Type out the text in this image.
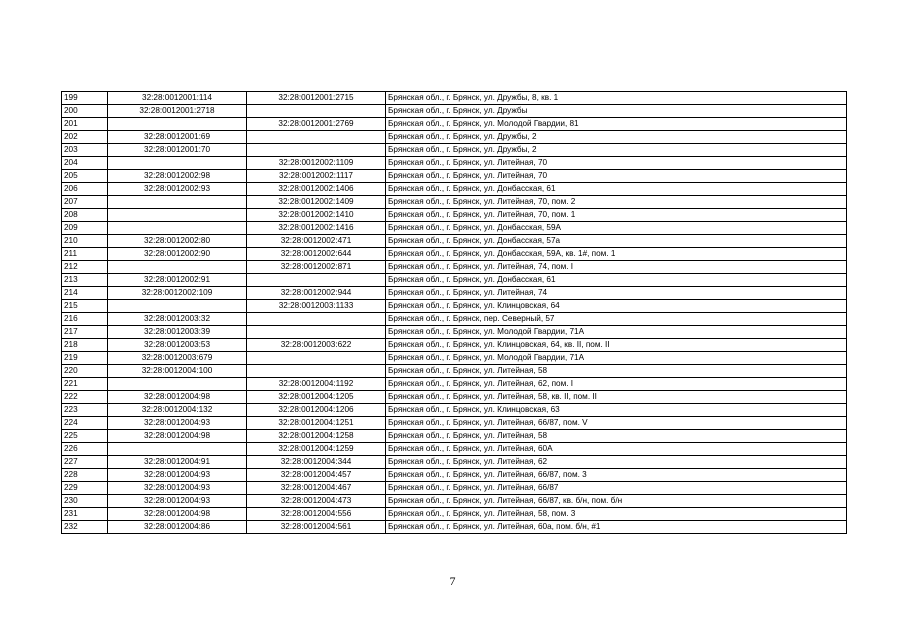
199	32:28:0012001:114	32:28:0012001:2715	Брянская обл., г. Брянск, ул. Дружбы, 8, кв. 1
200	32:28:0012001:2718		Брянская обл., г. Брянск, ул. Дружбы
201		32:28:0012001:2769	Брянская обл., г. Брянск, ул. Молодой Гвардии, 81
202	32:28:0012001:69		Брянская обл., г. Брянск, ул. Дружбы, 2
203	32:28:0012001:70		Брянская обл., г. Брянск, ул. Дружбы, 2
204		32:28:0012002:1109	Брянская обл., г. Брянск, ул. Литейная, 70
205	32:28:0012002:98	32:28:0012002:1117	Брянская обл., г. Брянск, ул. Литейная, 70
206	32:28:0012002:93	32:28:0012002:1406	Брянская обл., г. Брянск, ул. Донбасская, 61
207		32:28:0012002:1409	Брянская обл., г. Брянск, ул. Литейная, 70, пом. 2
208		32:28:0012002:1410	Брянская обл., г. Брянск, ул. Литейная, 70, пом. 1
209		32:28:0012002:1416	Брянская обл., г. Брянск, ул. Донбасская, 59А
210	32:28:0012002:80	32:28:0012002:471	Брянская обл., г. Брянск, ул. Донбасская, 57а
211	32:28:0012002:90	32:28:0012002:644	Брянская обл., г. Брянск, ул. Донбасская, 59А, кв. 1#, пом. 1
212		32:28:0012002:871	Брянская обл., г. Брянск, ул. Литейная, 74, пом. I
213	32:28:0012002:91		Брянская обл., г. Брянск, ул. Донбасская, 61
214	32:28:0012002:109	32:28:0012002:944	Брянская обл., г. Брянск, ул. Литейная, 74
215		32:28:0012003:1133	Брянская обл., г. Брянск, ул. Клинцовская, 64
216	32:28:0012003:32		Брянская обл., г. Брянск, пер. Северный, 57
217	32:28:0012003:39		Брянская обл., г. Брянск, ул. Молодой Гвардии, 71А
218	32:28:0012003:53	32:28:0012003:622	Брянская обл., г. Брянск, ул. Клинцовская, 64, кв. II, пом. II
219	32:28:0012003:679		Брянская обл., г. Брянск, ул. Молодой Гвардии, 71А
220	32:28:0012004:100		Брянская обл., г. Брянск, ул. Литейная, 58
221		32:28:0012004:1192	Брянская обл., г. Брянск, ул. Литейная, 62, пом. I
222	32:28:0012004:98	32:28:0012004:1205	Брянская обл., г. Брянск, ул. Литейная, 58, кв. II, пом. II
223	32:28:0012004:132	32:28:0012004:1206	Брянская обл., г. Брянск, ул. Клинцовская, 63
224	32:28:0012004:93	32:28:0012004:1251	Брянская обл., г. Брянск, ул. Литейная, 66/87, пом. V
225	32:28:0012004:98	32:28:0012004:1258	Брянская обл., г. Брянск, ул. Литейная, 58
226		32:28:0012004:1259	Брянская обл., г. Брянск, ул. Литейная, 60А
227	32:28:0012004:91	32:28:0012004:344	Брянская обл., г. Брянск, ул. Литейная, 62
228	32:28:0012004:93	32:28:0012004:457	Брянская обл., г. Брянск, ул. Литейная, 66/87, пом. 3
229	32:28:0012004:93	32:28:0012004:467	Брянская обл., г. Брянск, ул. Литейная, 66/87
230	32:28:0012004:93	32:28:0012004:473	Брянская обл., г. Брянск, ул. Литейная, 66/87, кв. б/н, пом. б/н
231	32:28:0012004:98	32:28:0012004:556	Брянская обл., г. Брянск, ул. Литейная, 58, пом. 3
232	32:28:0012004:86	32:28:0012004:561	Брянская обл., г. Брянск, ул. Литейная, 60а, пом. б/н, #1
7
